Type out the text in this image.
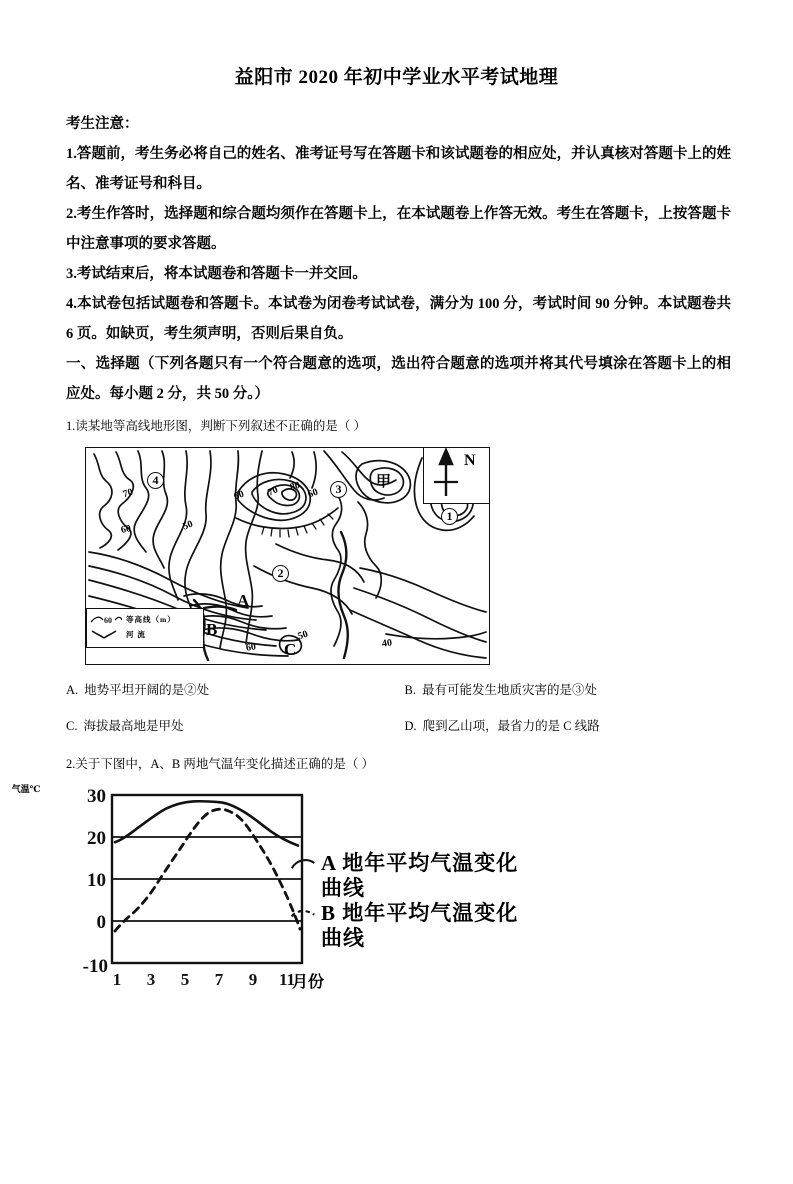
益阳市 2020 年初中学业水平考试地理

考生注意：

1.答题前，考生务必将自己的姓名、准考证号写在答题卡和该试题卷的相应处，并认真核对答题卡上的姓名、准考证号和科目。

2.考生作答时，选择题和综合题均须作在答题卡上，在本试题卷上作答无效。考生在答题卡，上按答题卡中注意事项的要求答题。

3.考试结束后，将本试题卷和答题卡一并交回。

4.本试卷包括试题卷和答题卡。本试卷为闭卷考试试卷，满分为 100 分，考试时间 90 分钟。本试题卷共 6 页。如缺页，考生须声明，否则后果自负。

一、选择题（下列各题只有一个符合题意的选项，选出符合题意的选项并将其代号填涂在答题卡上的相应处。每小题 2 分，共 50 分。）

1.读某地等高线地形图，判断下列叙述不正确的是（ ）
70
60	50
60 70 80
60
50
60	40
4
2
3
1
A
B
C
甲
N
60 等高线（m）
河 流
A. 地势平坦开阔的是②处	B. 最有可能发生地质灾害的是③处
C. 海拔最高地是甲处	D. 爬到乙山项，最省力的是 C 线路
2.关于下图中，A、B 两地气温年变化描述正确的是（ ）
气温℃ 30
20
10
0
-10
1 3 5 7 9 11
A 地年平均气温变化曲线
B 地年平均气温变化曲线
月份
